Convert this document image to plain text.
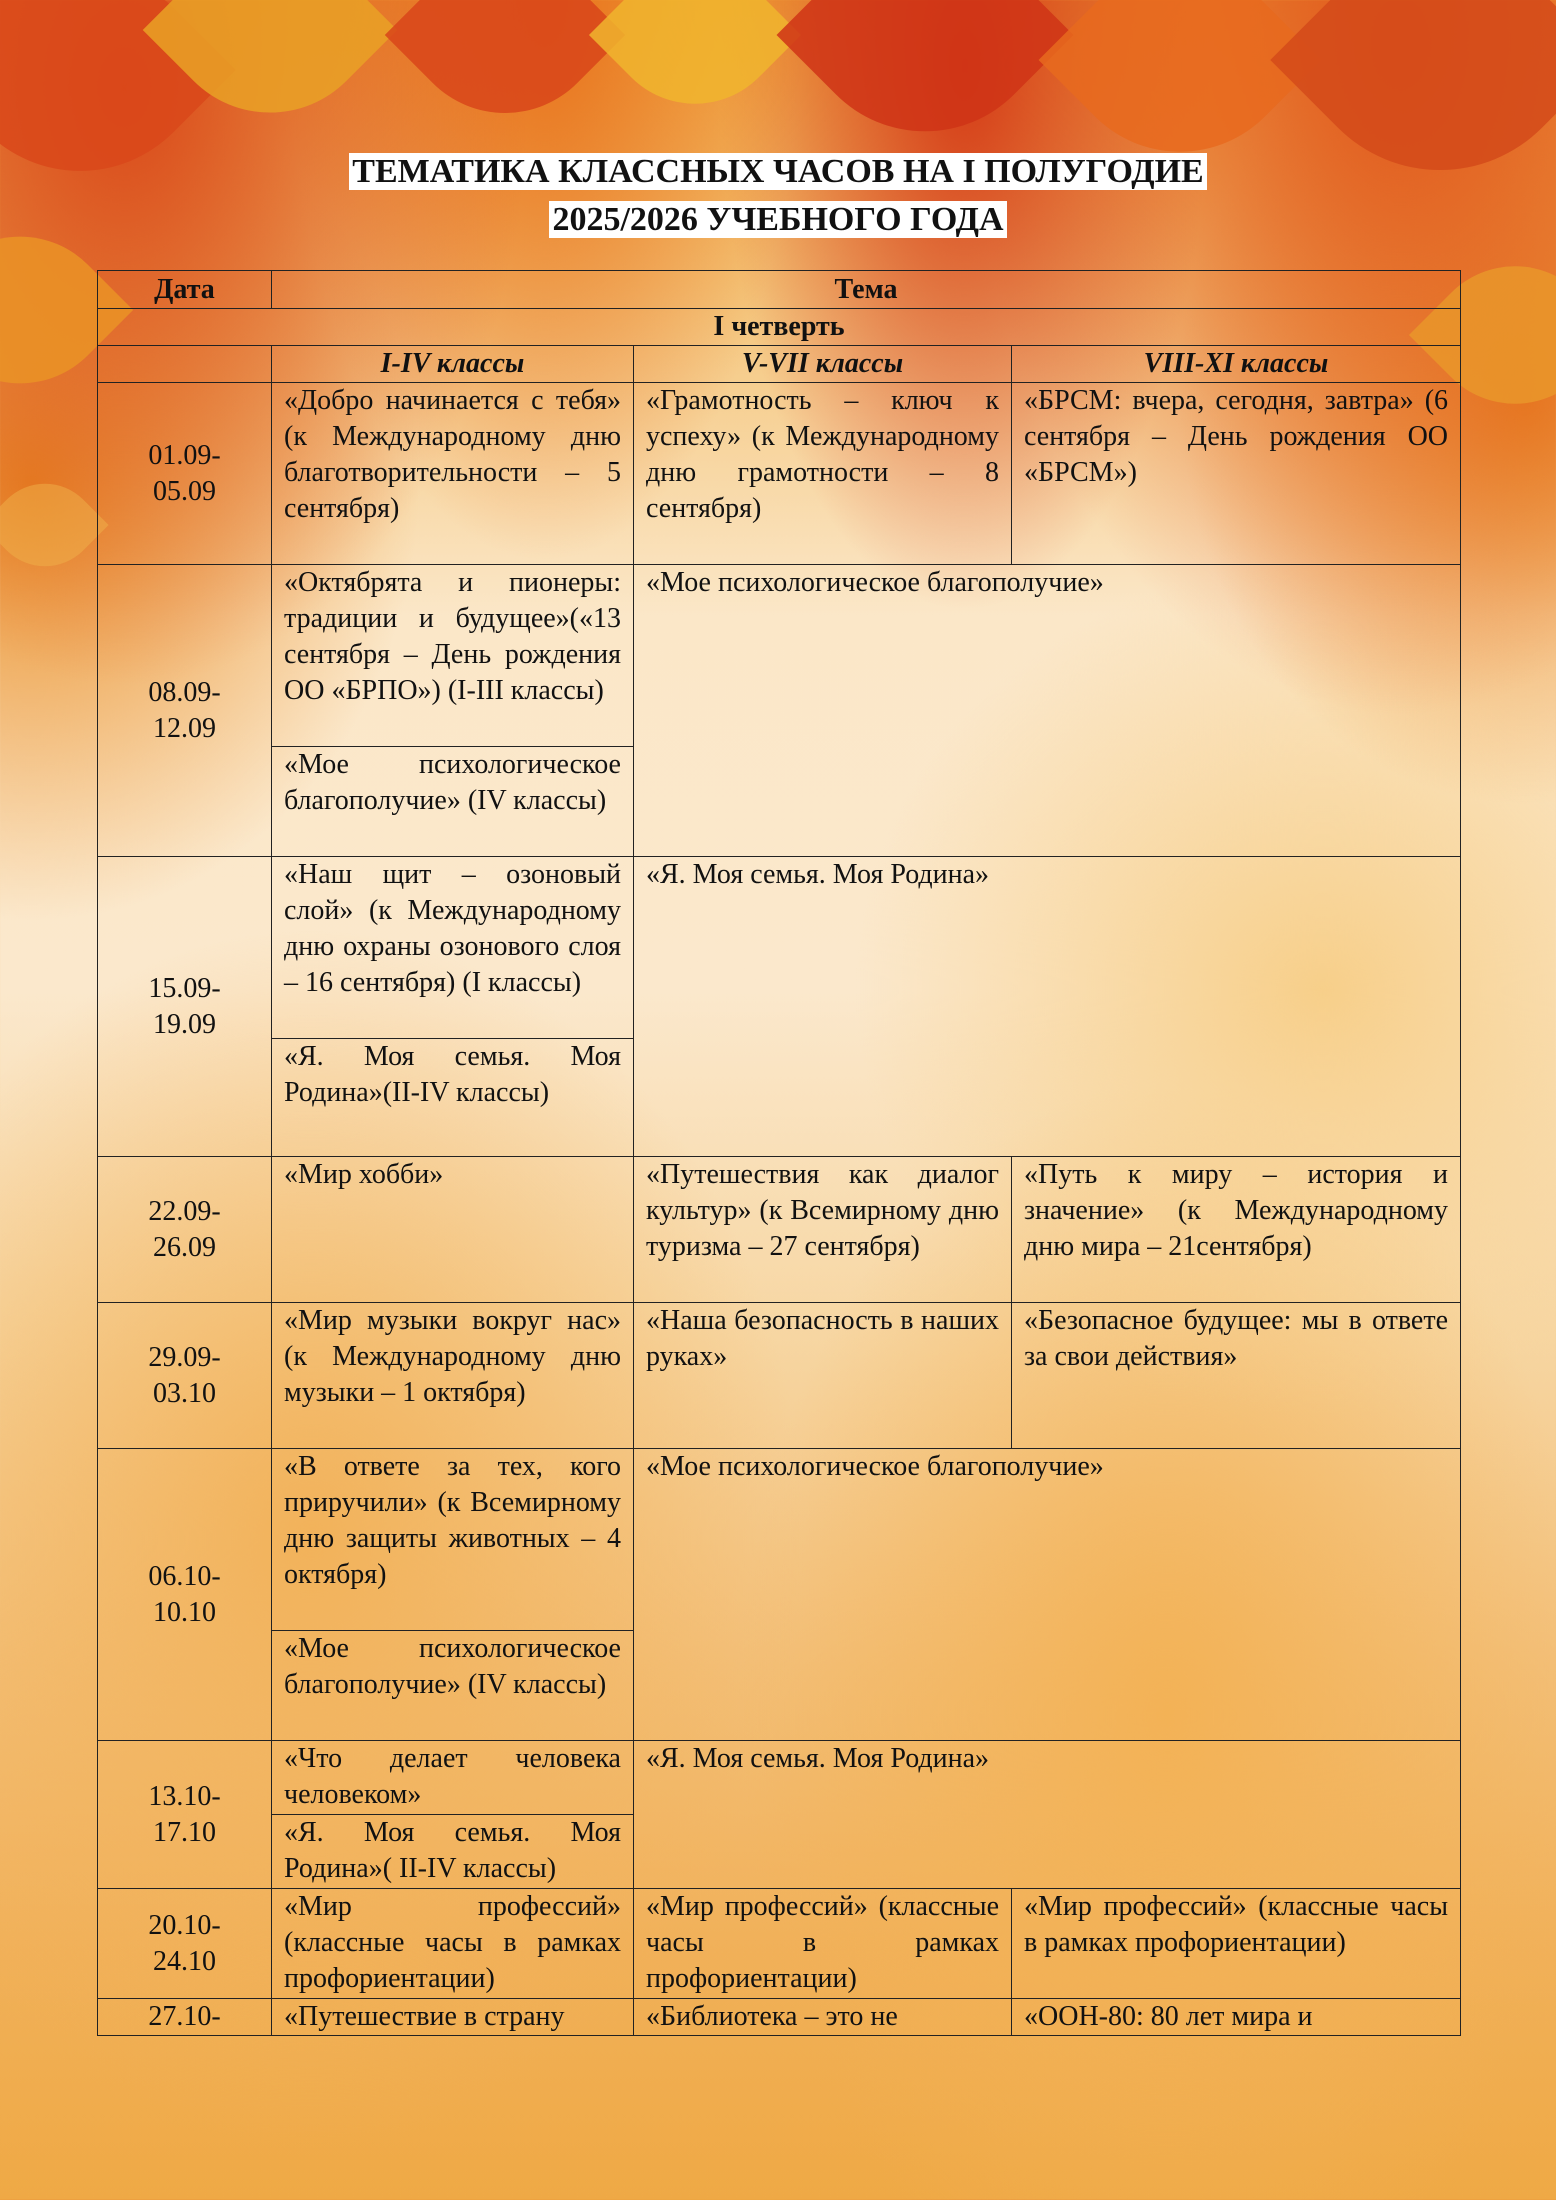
ТЕМАТИКА КЛАССНЫХ ЧАСОВ НА I ПОЛУГОДИЕ
2025/2026 УЧЕБНОГО ГОДА
Дата	Тема		
I четверть			
	I-IV классы	V-VII классы	VIII-XI классы
01.09-
05.09	«Добро начинается с тебя» (к Международному дню благотворительности – 5 сентября)	«Грамотность – ключ к успеху» (к Международному дню грамотности – 8 сентября)	«БРСМ: вчера, сегодня, завтра» (6 сентября – День рождения ОО «БРСМ»)
08.09-
12.09	«Октябрята и пионеры: традиции и будущее»(«13 сентября – День рождения ОО «БРПО») (I-III классы)	«Мое психологическое благополучие»	
	«Мое психологическое благополучие» (IV классы)		
15.09-
19.09	«Наш щит – озоновый слой» (к Международному дню охраны озонового слоя – 16 сентября) (I классы)	«Я. Моя семья. Моя Родина»	
	«Я. Моя семья. Моя Родина»(II-IV классы)		
22.09-
26.09	«Мир хобби»	«Путешествия как диалог культур» (к Всемирному дню туризма – 27 сентября)	«Путь к миру – история и значение» (к Международному дню мира – 21сентября)
29.09-
03.10	«Мир музыки вокруг нас» (к Международному дню музыки – 1 октября)	«Наша безопасность в наших руках»	«Безопасное будущее: мы в ответе за свои действия»
06.10-
10.10	«В ответе за тех, кого приручили» (к Всемирному дню защиты животных – 4 октября)	«Мое психологическое благополучие»	
	«Мое психологическое благополучие» (IV классы)		
13.10-
17.10	«Что делает человека человеком»	«Я. Моя семья. Моя Родина»	
	«Я. Моя семья. Моя Родина»( II-IV классы)		
20.10-
24.10	«Мир профессий» (классные часы в рамках профориентации)	«Мир профессий» (классные часы в рамках профориентации)	«Мир профессий» (классные часы в рамках профориентации)
27.10-	«Путешествие в страну	«Библиотека – это не	«ООН-80: 80 лет мира и
